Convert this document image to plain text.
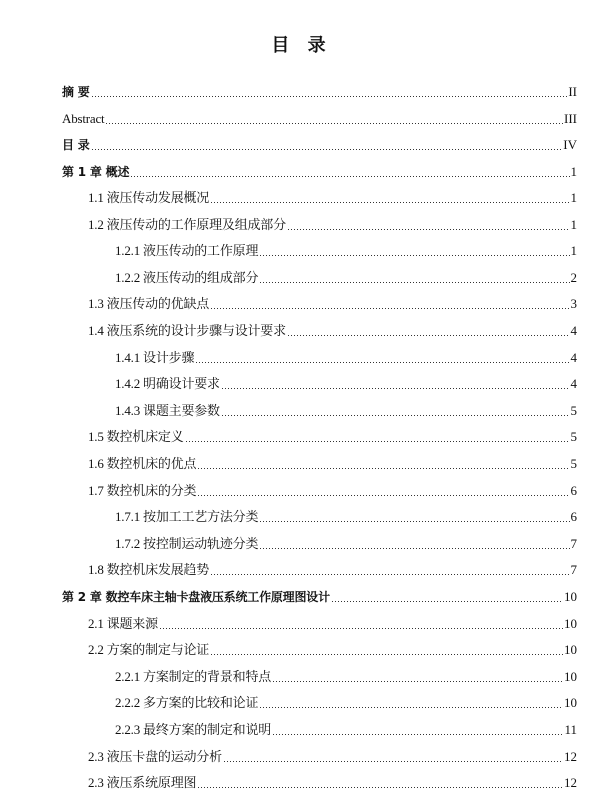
目 录
摘 要	II
Abstract	III
目 录	IV
第 1 章 概述	1
1.1 液压传动发展概况	1
1.2 液压传动的工作原理及组成部分	1
1.2.1 液压传动的工作原理	1
1.2.2 液压传动的组成部分	2
1.3 液压传动的优缺点	3
1.4 液压系统的设计步骤与设计要求	4
1.4.1 设计步骤	4
1.4.2 明确设计要求	4
1.4.3 课题主要参数	5
1.5 数控机床定义	5
1.6 数控机床的优点	5
1.7 数控机床的分类	6
1.7.1 按加工工艺方法分类	6
1.7.2 按控制运动轨迹分类	7
1.8 数控机床发展趋势	7
第 2 章 数控车床主轴卡盘液压系统工作原理图设计	10
2.1 课题来源	10
2.2 方案的制定与论证	10
2.2.1 方案制定的背景和特点	10
2.2.2 多方案的比较和论证	10
2.2.3 最终方案的制定和说明	11
2.3 液压卡盘的运动分析	12
2.3 液压系统原理图	12
